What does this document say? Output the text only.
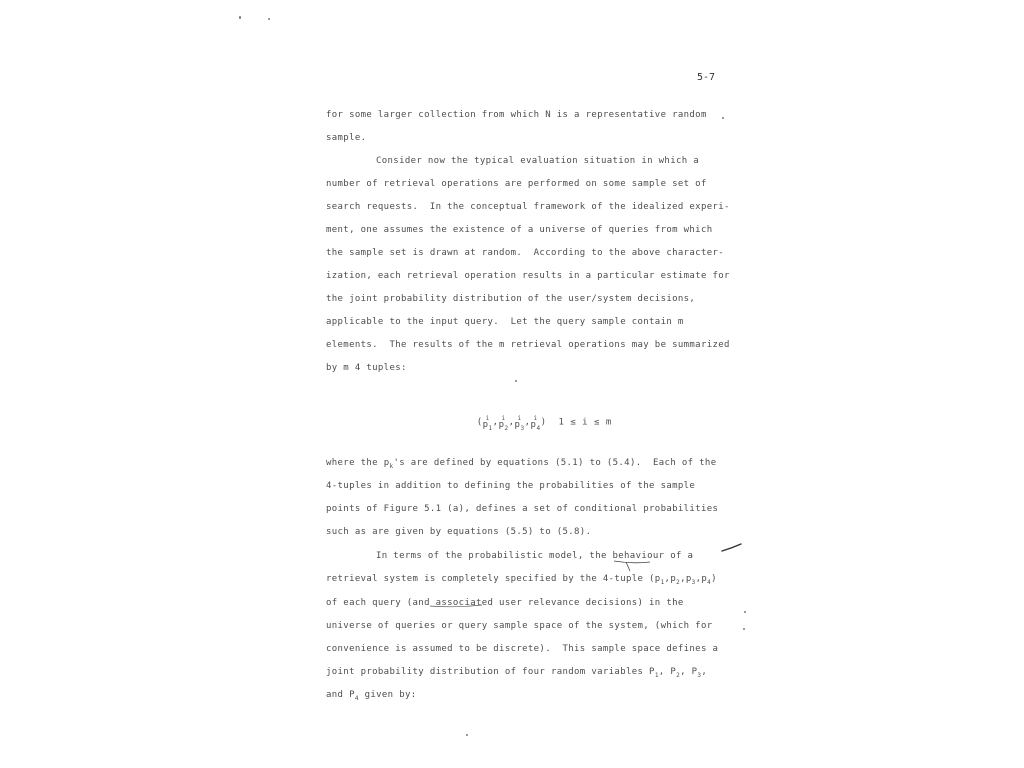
5-7
for some larger collection from which N is a representative random
sample.
Consider now the typical evaluation situation in which a
number of retrieval operations are performed on some sample set of
search requests.  In the conceptual framework of the idealized experi-
ment, one assumes the existence of a universe of queries from which
the sample set is drawn at random.  According to the above character-
ization, each retrieval operation results in a particular estimate for
the joint probability distribution of the user/system decisions,
applicable to the input query.  Let the query sample contain m
elements.  The results of the m retrieval operations may be summarized
by m 4 tuples:

( i
$p_1$
, i
$p_2$
, i
$p_3$
, i
$p_4$
) 1 ≤ i ≤ m

where the $p_k's$ are defined by equations (5.1) to (5.4).  Each of the
4-tuples in addition to defining the probabilities of the sample
points of Figure 5.1 (a), defines a set of conditional probabilities
such as are given by equations (5.5) to (5.8).
In terms of the probabilistic model, the behaviour of a
retrieval system is completely specified by the 4-tuple $(p_1,p_2,p_3,p_4)$
of each query (and associated user relevance decisions) in the
universe of queries or query sample space of the system, (which for
convenience is assumed to be discrete).  This sample space defines a
joint probability distribution of four random variables $P_1$, $P_2$, $P_3$,
and $P_4$ given by:
